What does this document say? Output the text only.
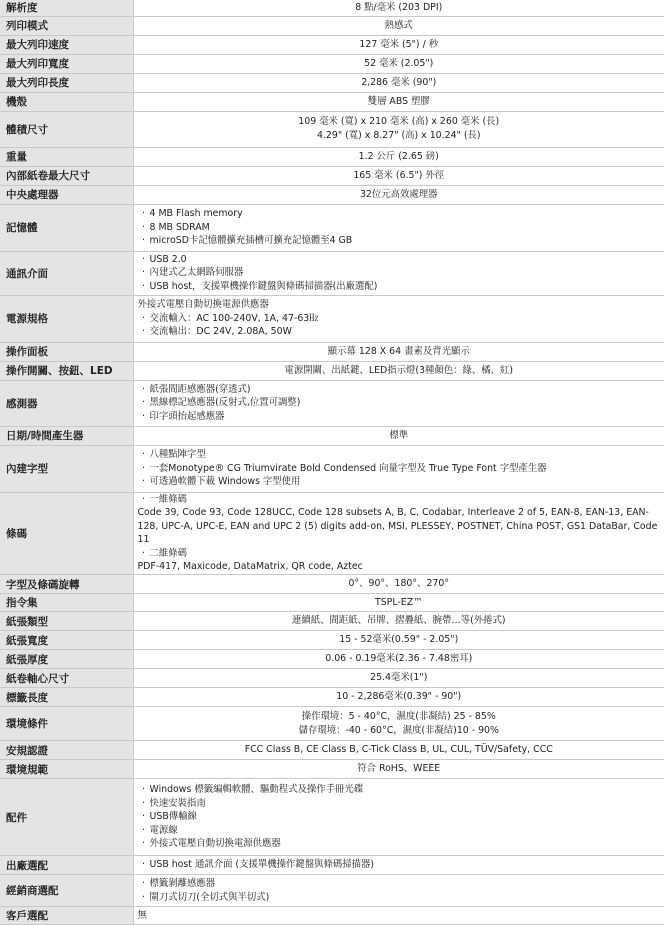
解析度	8 點/毫米 (203 DPI)
列印模式	熱感式
最大列印速度	127 毫米 (5") / 秒
最大列印寬度	52 毫米 (2.05")
最大列印長度	2,286 毫米 (90")
機殼	雙層 ABS 塑膠
體積尺寸	109 毫米 (寬) x 210 毫米 (高) x 260 毫米 (長)
4.29" (寬) x 8.27" (高) x 10.24" (長)

重量	1.2 公斤 (2.65 磅)
內部紙卷最大尺寸	165 毫米 (6.5") 外徑
中央處理器	32位元高效處理器
記憶體	· 4 MB Flash memory
· 8 MB SDRAM
· microSD卡記憶體擴充插槽可擴充記憶體至4 GB

通訊介面	· USB 2.0
· 內建式乙太網路伺服器
· USB host，支援單機操作鍵盤與條碼掃描器(出廠選配)

電源規格	外接式電壓自動切換電源供應器
· 交流輸入：AC 100-240V, 1A, 47-63㎐
· 交流輸出：DC 24V, 2.08A, 50W

操作面板	顯示幕 128 X 64 畫素及背光顯示
操作開關、按鈕、LED	電源開關、出紙鍵、LED指示燈(3種顏色：綠、橘、紅)
感測器	· 紙張間距感應器(穿透式)
· 黑線標記感應器(反射式,位置可調整)
· 印字頭抬起感應器

日期/時間產生器	標準
內建字型	· 八種點陣字型
· 一套Monotype® CG Triumvirate Bold Condensed 向量字型及 True Type Font 字型產生器
· 可透過軟體下載 Windows 字型使用

條碼	· 一維條碼
Code 39, Code 93, Code 128UCC, Code 128 subsets A, B, C, Codabar, Interleave 2 of 5, EAN-8, EAN-13, EAN-128, UPC-A, UPC-E, EAN and UPC 2 (5) digits add-on, MSI, PLESSEY, POSTNET, China POST, GS1 DataBar, Code 11
· 二維條碼
PDF-417, Maxicode, DataMatrix, QR code, Aztec

字型及條碼旋轉	0°、90°、180°、270°
指令集	TSPL-EZ™
紙張類型	連續紙、間距紙、吊牌、摺疊紙、腕帶…等(外捲式)
紙張寬度	15 - 52毫米(0.59" - 2.05")
紙張厚度	0.06 - 0.19毫米(2.36 - 7.48密耳)
紙卷軸心尺寸	25.4毫米(1")
標籤長度	10 - 2,286毫米(0.39" - 90")
環境條件	操作環境：5 - 40°C，濕度(非凝結) 25 - 85%
儲存環境：-40 - 60°C，濕度(非凝結)10 - 90%

安規認證	FCC Class B, CE Class B, C-Tick Class B, UL, CUL, TÜV/Safety, CCC
環境規範	符合 RoHS、WEEE
配件	· Windows 標籤編輯軟體、驅動程式及操作手冊光碟
· 快速安裝指南
· USB傳輸線
· 電源線
· 外接式電壓自動切換電源供應器

出廠選配	· USB host 通訊介面 (支援單機操作鍵盤與條碼掃描器)

經銷商選配	· 標籤剝離感應器
· 閘刀式切刀(全切式與半切式)

客戶選配	無
